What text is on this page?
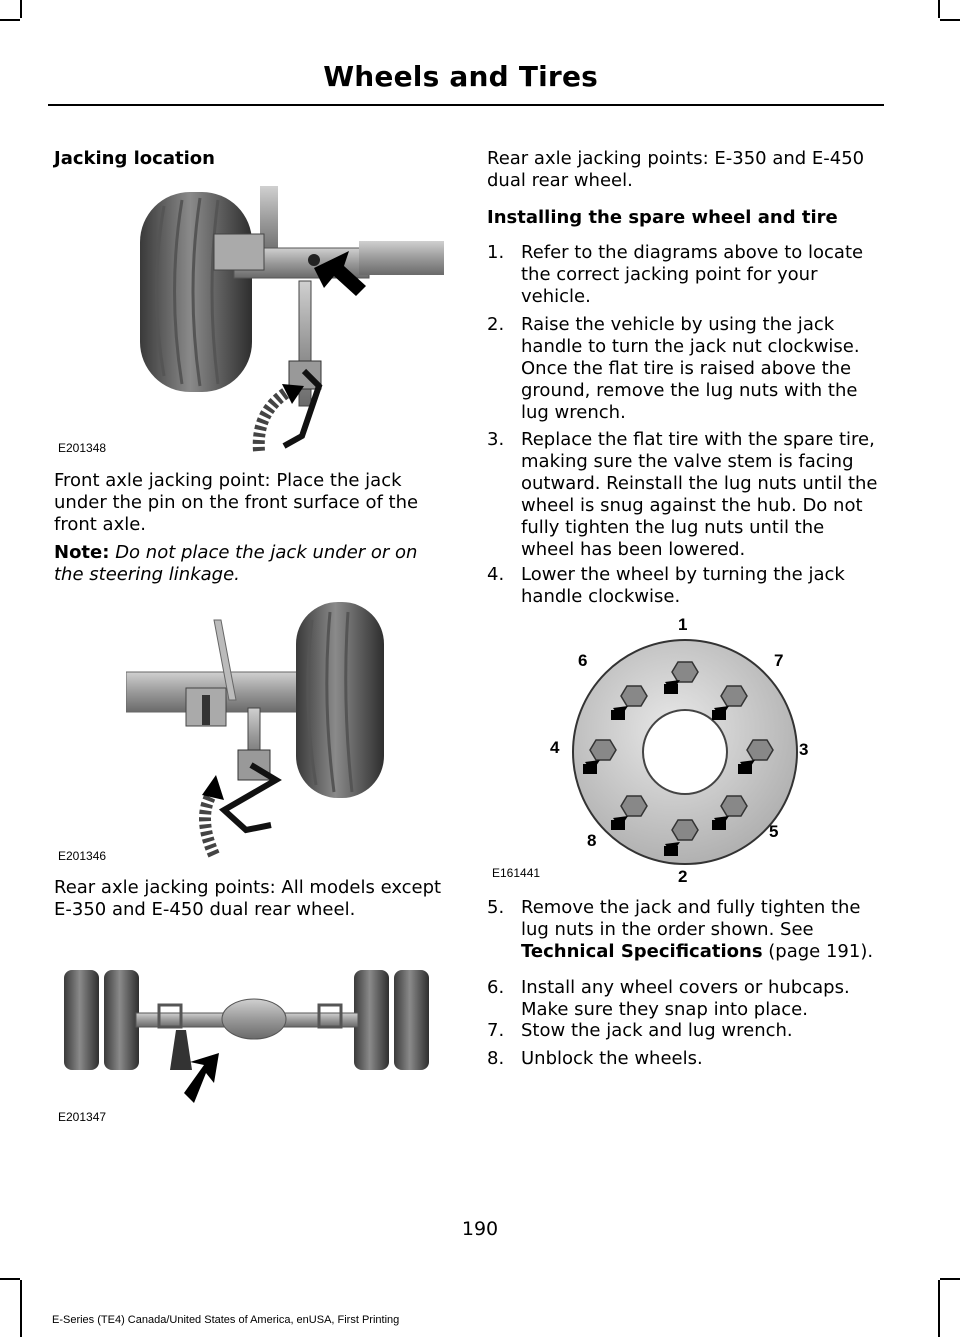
Wheels and Tires
Jacking location
E201348
Front axle jacking point: Place the jack under the pin on the front surface of the front axle.
Note: Do not place the jack under or on the steering linkage.
E201346
Rear axle jacking points: All models except E-350 and E-450 dual rear wheel.
E201347
Rear axle jacking points: E-350 and E-450 dual rear wheel.
Installing the spare wheel and tire
1. Refer to the diagrams above to locate the correct jacking point for your vehicle.
2. Raise the vehicle by using the jack handle to turn the jack nut clockwise. Once the flat tire is raised above the ground, remove the lug nuts with the lug wrench.
3. Replace the flat tire with the spare tire, making sure the valve stem is facing outward. Reinstall the lug nuts until the wheel is snug against the hub. Do not fully tighten the lug nuts until the wheel has been lowered.
4. Lower the wheel by turning the jack handle clockwise.
1
2
3
4
5
6	7
8
E161441
5. Remove the jack and fully tighten the lug nuts in the order shown. See Technical Specifications (page 191).
6. Install any wheel covers or hubcaps. Make sure they snap into place.
7. Stow the jack and lug wrench.
8. Unblock the wheels.
190
E-Series (TE4) Canada/United States of America, enUSA, First Printing
